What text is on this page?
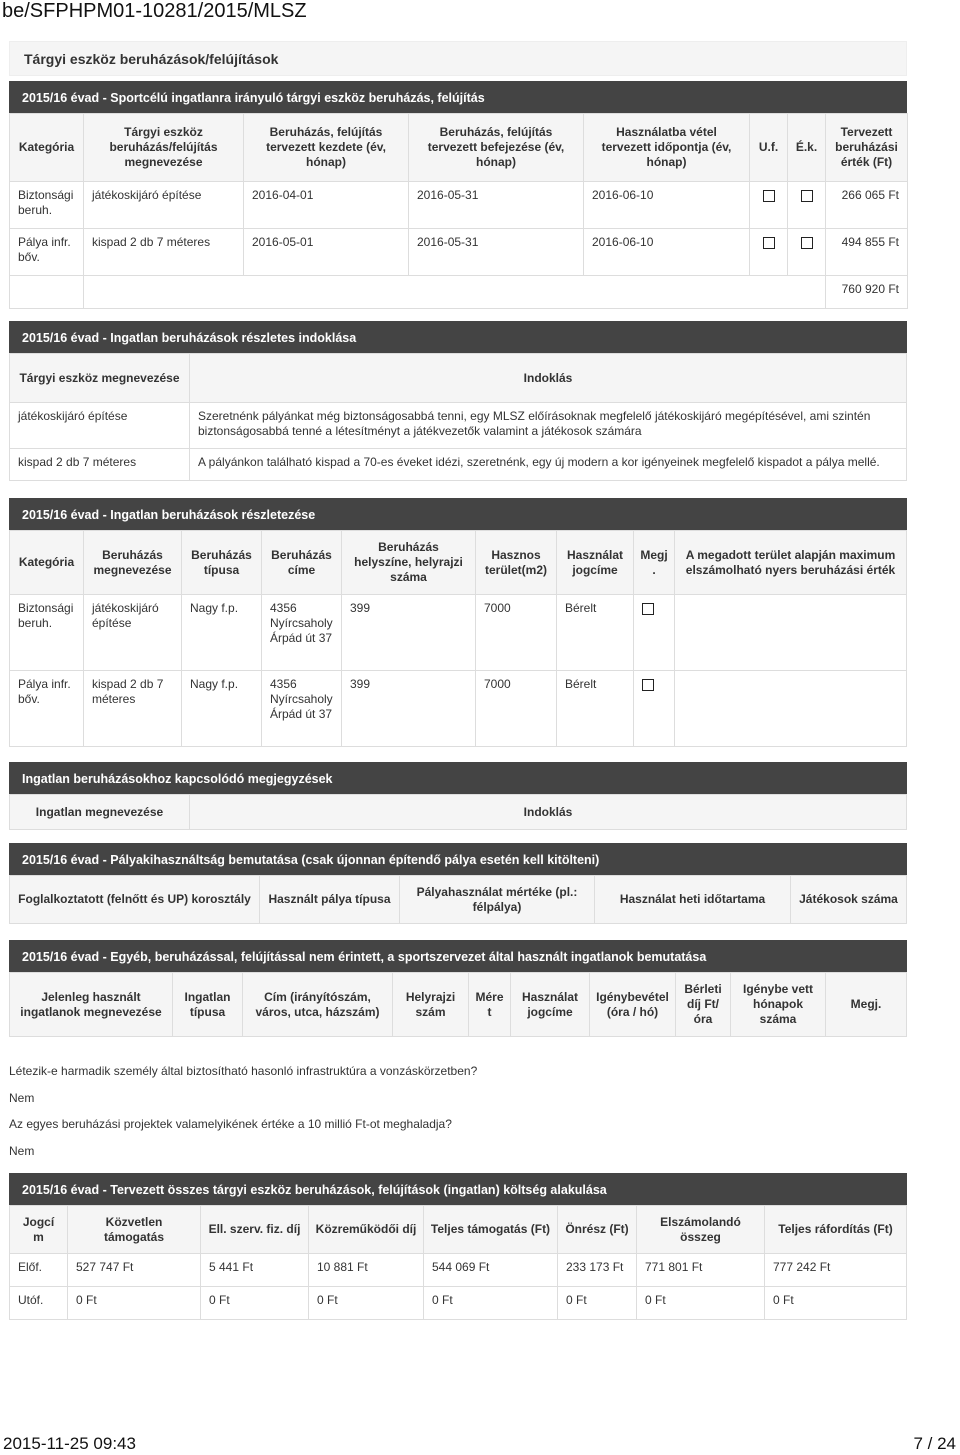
be/SFPHPM01-10281/2015/MLSZ
Tárgyi eszköz beruházások/felújítások
2015/16 évad - Sportcélú ingatlanra irányuló tárgyi eszköz beruházás, felújítás
Kategória	Tárgyi eszköz beruházás/felújítás megnevezése	Beruházás, felújítás tervezett kezdete (év, hónap)	Beruházás, felújítás tervezett befejezése (év, hónap)	Használatba vétel tervezett időpontja (év, hónap)	U.f.	É.k.	Tervezett beruházási érték (Ft)
Biztonsági beruh.	játékoskijáró építése	2016-04-01	2016-05-31	2016-06-10			266 065 Ft
Pálya infr. bőv.	kispad 2 db 7 méteres	2016-05-01	2016-05-31	2016-06-10			494 855 Ft
							760 920 Ft
2015/16 évad - Ingatlan beruházások részletes indoklása
Tárgyi eszköz megnevezése	Indoklás
játékoskijáró építése	Szeretnénk pályánkat még biztonságosabbá tenni, egy MLSZ előírásoknak megfelelő játékoskijáró megépítésével, ami szintén biztonságosabbá tenné a létesítményt a játékvezetők valamint a játékosok számára
kispad 2 db 7 méteres	A pályánkon található kispad a 70-es éveket idézi, szeretnénk, egy új modern a kor igényeinek megfelelő kispadot a pálya mellé.
2015/16 évad - Ingatlan beruházások részletezése
Kategória	Beruházás megnevezése	Beruházás típusa	Beruházás címe	Beruházás helyszíne, helyrajzi száma	Hasznos terület(m2)	Használat jogcíme	Megj.	A megadott terület alapján maximum elszámolható nyers beruházási érték
Biztonsági beruh.	játékoskijáró építése	Nagy f.p.	4356 Nyírcsaholy Árpád út 37	399	7000	Bérelt		
Pálya infr. bőv.	kispad 2 db 7 méteres	Nagy f.p.	4356 Nyírcsaholy Árpád út 37	399	7000	Bérelt		
Ingatlan beruházásokhoz kapcsolódó megjegyzések
Ingatlan megnevezése	Indoklás
2015/16 évad - Pályakihasználtság bemutatása (csak újonnan építendő pálya esetén kell kitölteni)
Foglalkoztatott (felnőtt és UP) korosztály	Használt pálya típusa	Pályahasználat mértéke (pl.: félpálya)	Használat heti időtartama	Játékosok száma
2015/16 évad - Egyéb, beruházással, felújítással nem érintett, a sportszervezet által használt ingatlanok bemutatása
Jelenleg használt ingatlanok megnevezése	Ingatlan típusa	Cím (irányítószám, város, utca, házszám)	Helyrajzi szám	Méret	Használat jogcíme	Igénybevétel (óra / hó)	Bérleti díj Ft/óra	Igénybe vett hónapok száma	Megj.
Létezik-e harmadik személy által biztosítható hasonló infrastruktúra a vonzáskörzetben?
Nem
Az egyes beruházási projektek valamelyikének értéke a 10 millió Ft-ot meghaladja?
Nem
2015/16 évad - Tervezett összes tárgyi eszköz beruházások, felújítások (ingatlan) költség alakulása
Jogcí m	Közvetlen támogatás	Ell. szerv. fiz. díj	Közreműködői díj	Teljes támogatás (Ft)	Önrész (Ft)	Elszámolandó összeg	Teljes ráfordítás (Ft)
Előf.	527 747 Ft	5 441 Ft	10 881 Ft	544 069 Ft	233 173 Ft	771 801 Ft	777 242 Ft
Utóf.	0 Ft	0 Ft	0 Ft	0 Ft	0 Ft	0 Ft	0 Ft
2015-11-25 09:43	7 / 24
